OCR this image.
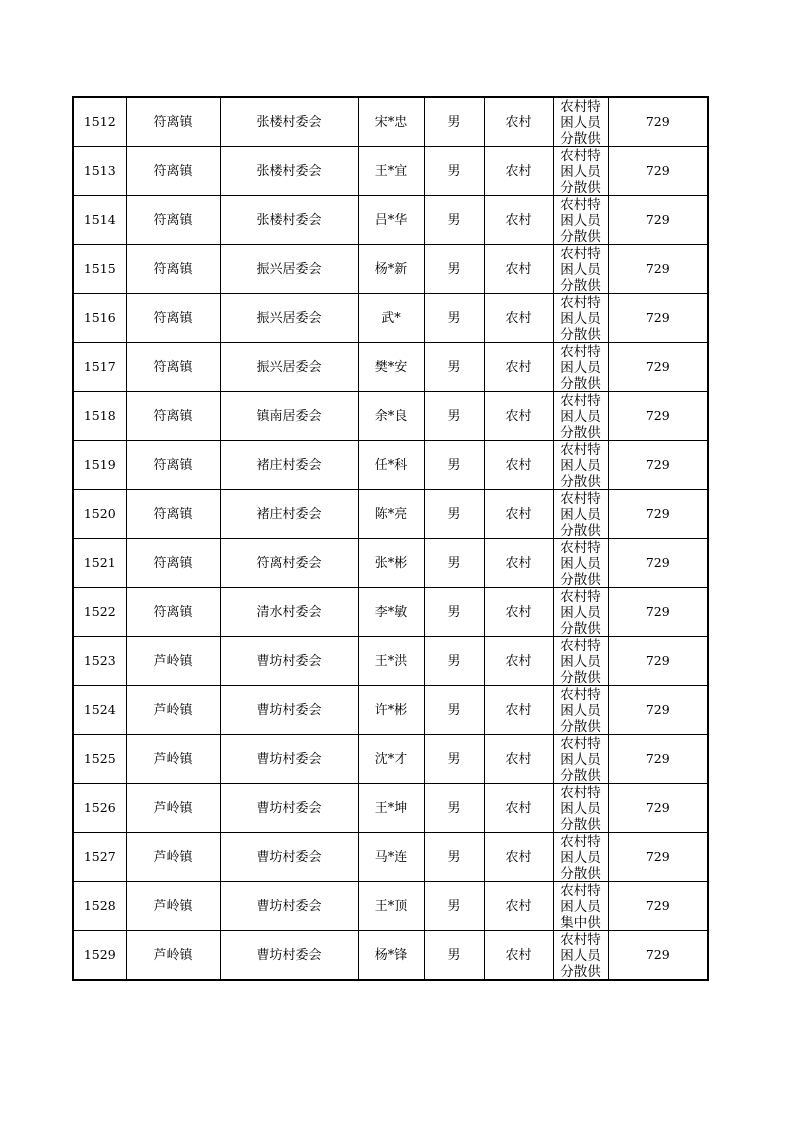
1512	符离镇	张楼村委会	宋*忠	男	农村	农村特困人员分散供	729
1513	符离镇	张楼村委会	王*宜	男	农村	农村特困人员分散供	729
1514	符离镇	张楼村委会	吕*华	男	农村	农村特困人员分散供	729
1515	符离镇	振兴居委会	杨*新	男	农村	农村特困人员分散供	729
1516	符离镇	振兴居委会	武*	男	农村	农村特困人员分散供	729
1517	符离镇	振兴居委会	樊*安	男	农村	农村特困人员分散供	729
1518	符离镇	镇南居委会	余*良	男	农村	农村特困人员分散供	729
1519	符离镇	褚庄村委会	任*科	男	农村	农村特困人员分散供	729
1520	符离镇	褚庄村委会	陈*亮	男	农村	农村特困人员分散供	729
1521	符离镇	符离村委会	张*彬	男	农村	农村特困人员分散供	729
1522	符离镇	清水村委会	李*敏	男	农村	农村特困人员分散供	729
1523	芦岭镇	曹坊村委会	王*洪	男	农村	农村特困人员分散供	729
1524	芦岭镇	曹坊村委会	许*彬	男	农村	农村特困人员分散供	729
1525	芦岭镇	曹坊村委会	沈*才	男	农村	农村特困人员分散供	729
1526	芦岭镇	曹坊村委会	王*坤	男	农村	农村特困人员分散供	729
1527	芦岭镇	曹坊村委会	马*连	男	农村	农村特困人员分散供	729
1528	芦岭镇	曹坊村委会	王*顶	男	农村	农村特困人员集中供	729
1529	芦岭镇	曹坊村委会	杨*锋	男	农村	农村特困人员分散供	729
